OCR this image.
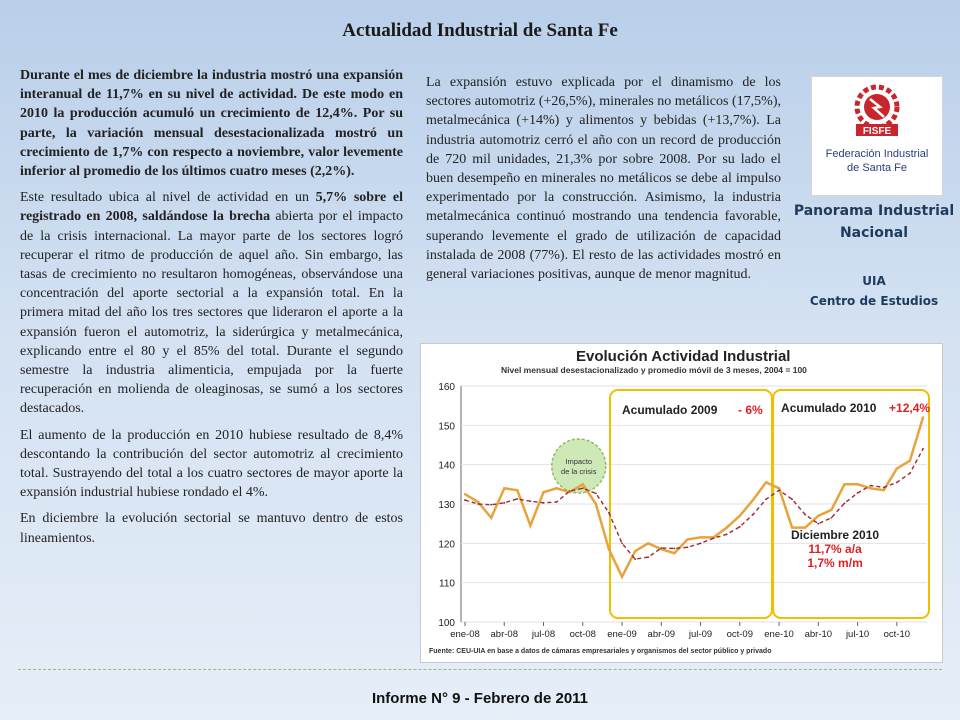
Actualidad Industrial de Santa Fe

Durante el mes de diciembre la industria mostró una expansión interanual de 11,7% en su nivel de actividad. De este modo en 2010 la producción acumuló un crecimiento de 12,4%. Por su parte, la variación mensual desestacionalizada mostró un crecimiento de 1,7% con respecto a noviembre, valor levemente inferior al promedio de los últimos cuatro meses (2,2%).

Este resultado ubica al nivel de actividad en un 5,7% sobre el registrado en 2008, saldándose la brecha abierta por el impacto de la crisis internacional. La mayor parte de los sectores logró recuperar el ritmo de producción de aquel año. Sin embargo, las tasas de crecimiento no resultaron homogéneas, observándose una concentración del aporte sectorial a la expansión total. En la primera mitad del año los tres sectores que lideraron el aporte a la expansión fueron el automotriz, la siderúrgica y metalmecánica, explicando entre el 80 y el 85% del total. Durante el segundo semestre la industria alimenticia, empujada por la fuerte recuperación en molienda de oleaginosas, se sumó a los sectores destacados.

El aumento de la producción en 2010 hubiese resultado de 8,4% descontando la contribución del sector automotriz al crecimiento total. Sustrayendo del total a los cuatro sectores de mayor aporte la expansión industrial hubiese rondado el 4%.

En diciembre la evolución sectorial se mantuvo dentro de estos lineamientos.

La expansión estuvo explicada por el dinamismo de los sectores automotriz (+26,5%), minerales no metálicos (17,5%), metalmecánica (+14%) y alimentos y bebidas (+13,7%). La industria automotriz cerró el año con un record de producción de 720 mil unidades, 21,3% por sobre 2008. Por su lado el buen desempeño en minerales no metálicos se debe al impulso experimentado por la construcción. Asimismo, la industria metalmecánica continuó mostrando una tendencia favorable, superando levemente el grado de utilización de capacidad instalada de 2008 (77%). El resto de las actividades mostró en general variaciones positivas, aunque de menor magnitud.

FISFE
Federación Industrial
de Santa Fe
Panorama Industrial
Nacional
UIA
Centro de Estudios
Evolución Actividad Industrial
Nivel mensual desestacionalizado y promedio móvil de 3 meses, 2004 = 100
100
110
120
130
140
150
160
ene-08 abr-08 jul-08 oct-08 ene-09 abr-09 jul-09 oct-09 ene-10 abr-10 jul-10 oct-10
Impacto
de la crisis
Acumulado 2009 - 6% Acumulado 2010 +12,4%
Diciembre 2010
11,7% a/a
1,7% m/m
Fuente: CEU-UIA en base a datos de cámaras empresariales y organismos del sector público y privado
Informe N° 9 - Febrero de 2011
